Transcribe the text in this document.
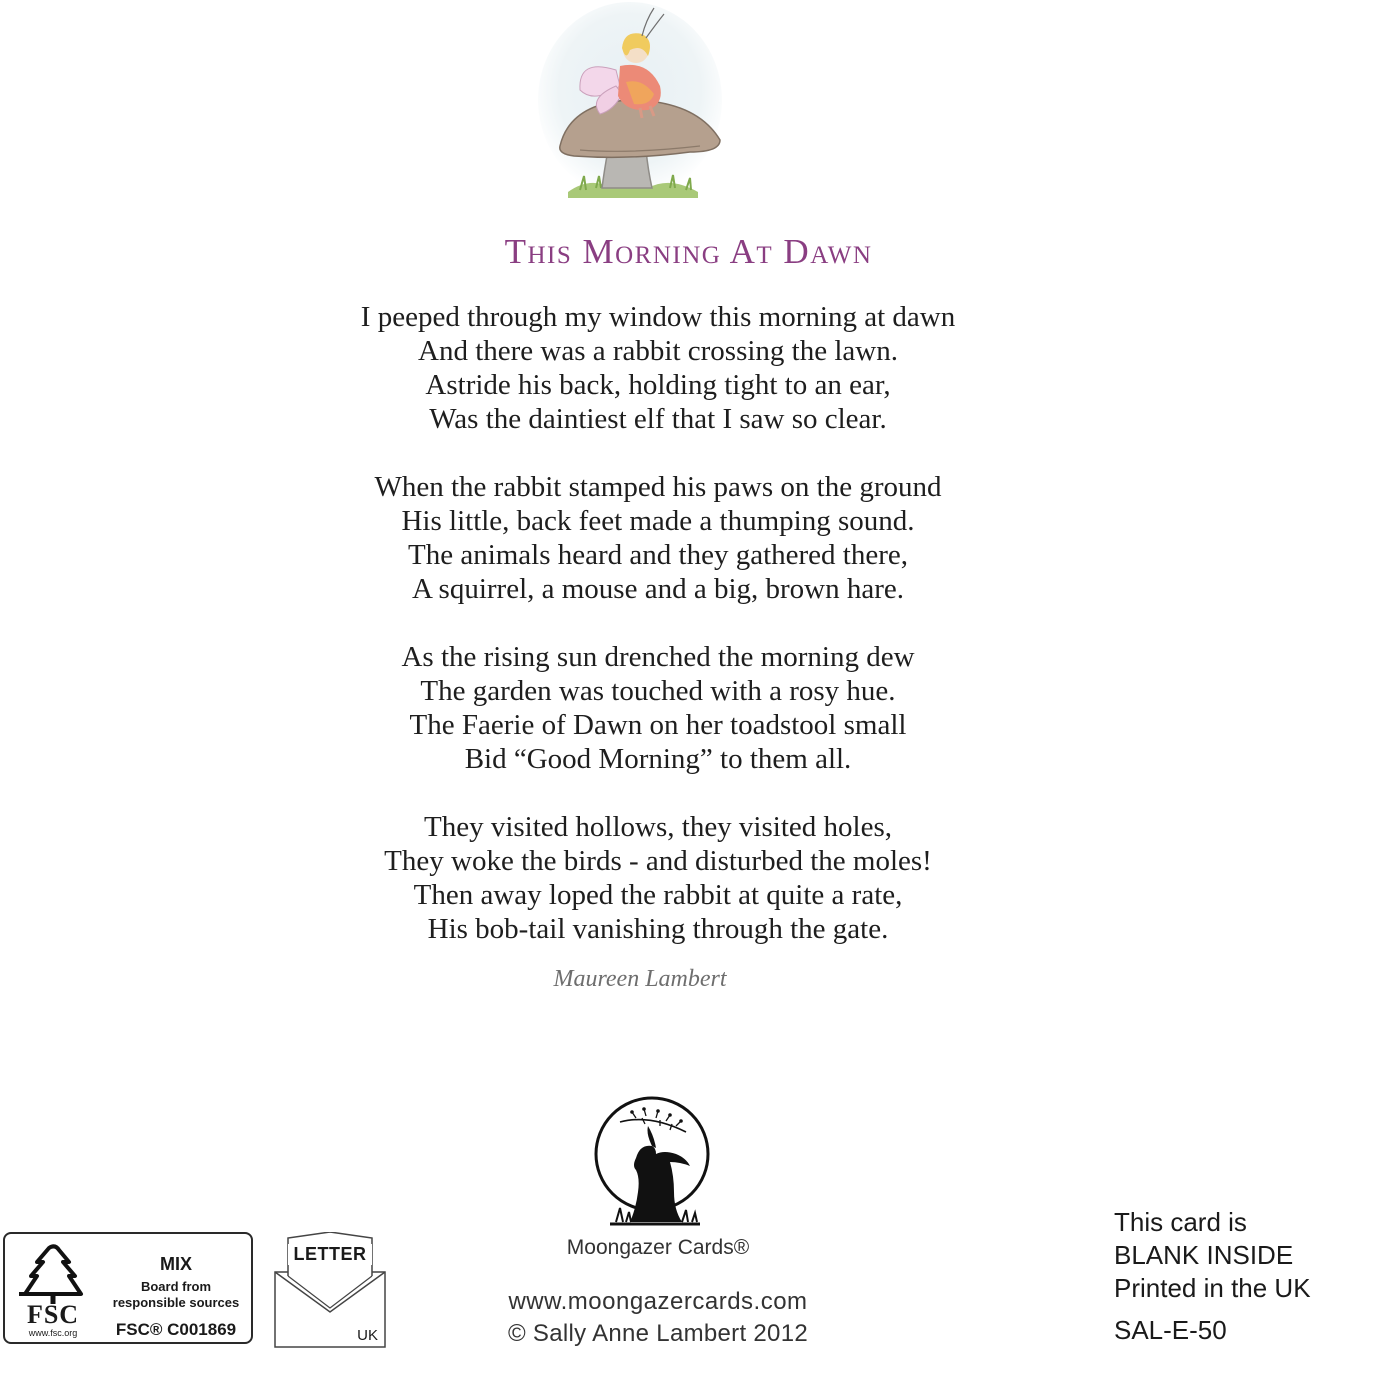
This Morning At Dawn
I peeped through my window this morning at dawn
And there was a rabbit crossing the lawn.
Astride his back, holding tight to an ear,
Was the daintiest elf that I saw so clear.
When the rabbit stamped his paws on the ground
His little, back feet made a thumping sound.
The animals heard and they gathered there,
A squirrel, a mouse and a big, brown hare.
As the rising sun drenched the morning dew
The garden was touched with a rosy hue.
The Faerie of Dawn on her toadstool small
Bid “Good Morning” to them all.
They visited hollows, they visited holes,
They woke the birds - and disturbed the moles!
Then away loped the rabbit at quite a rate,
His bob-tail vanishing through the gate.
Maureen Lambert
Moongazer Cards®
www.moongazercards.com
© Sally Anne Lambert 2012
FSC
www.fsc.org
MIX
Board from
responsible sources
FSC® C001869
LETTER
UK
This card is
BLANK INSIDE
Printed in the UK
SAL-E-50
